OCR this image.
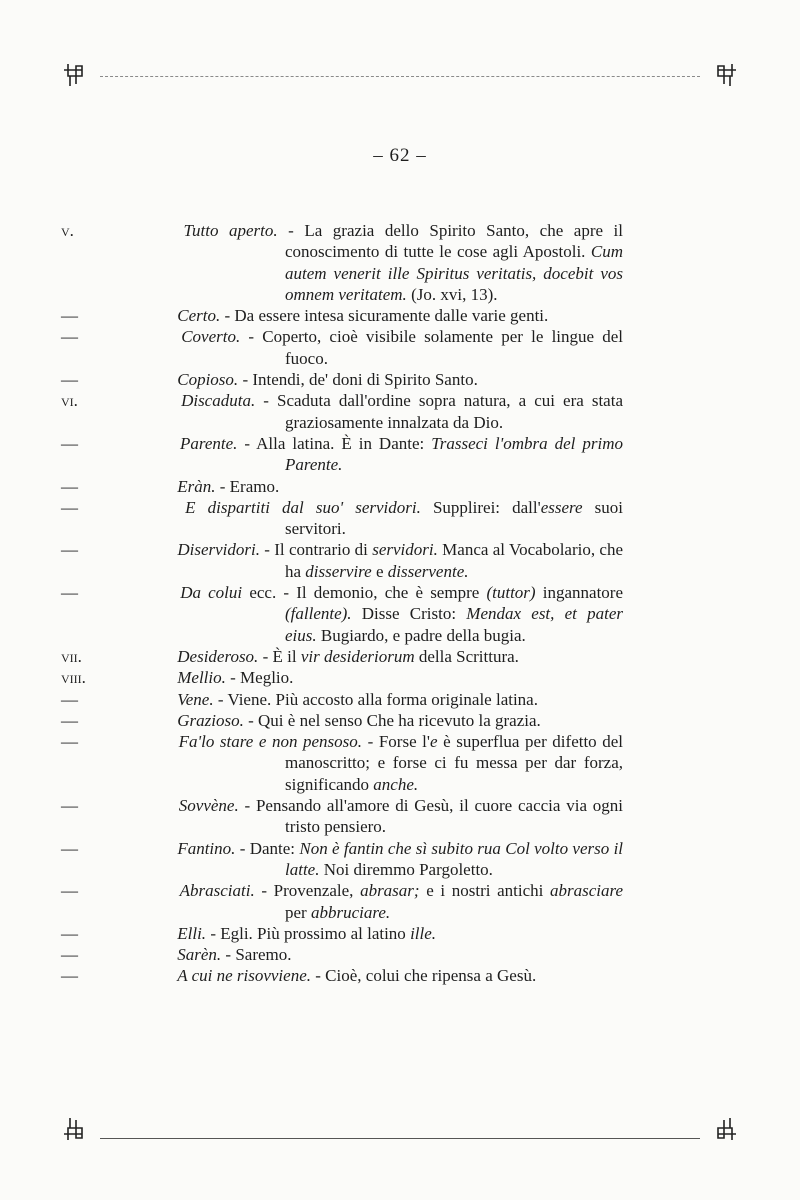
– 62 –
v.	Tutto aperto. - La grazia dello Spirito Santo, che apre il conoscimento di tutte le cose agli Apostoli. Cum autem venerit ille Spiritus veritatis, docebit vos omnem veritatem. (Jo. xvi, 13).
—	Certo. - Da essere intesa sicuramente dalle varie genti.
—	Coverto. - Coperto, cioè visibile solamente per le lingue del fuoco.
—	Copioso. - Intendi, de' doni di Spirito Santo.
vi.	Discaduta. - Scaduta dall'ordine sopra natura, a cui era stata graziosamente innalzata da Dio.
—	Parente. - Alla latina. È in Dante: Trasseci l'ombra del primo Parente.
—	Eràn. - Eramo.
—	E dispartiti dal suo' servidori. Supplirei: dall'essere suoi servitori.
—	Diservidori. - Il contrario di servidori. Manca al Vocabolario, che ha disservire e disservente.
—	Da colui ecc. - Il demonio, che è sempre (tuttor) ingannatore (fallente). Disse Cristo: Mendax est, et pater eius. Bugiardo, e padre della bugia.
vii.	Desideroso. - È il vir desideriorum della Scrittura.
viii.	Mellio. - Meglio.
—	Vene. - Viene. Più accosto alla forma originale latina.
—	Grazioso. - Qui è nel senso Che ha ricevuto la grazia.
—	Fa'lo stare e non pensoso. - Forse l'e è superflua per difetto del manoscritto; e forse ci fu messa per dar forza, significando anche.
—	Sovvène. - Pensando all'amore di Gesù, il cuore caccia via ogni tristo pensiero.
—	Fantino. - Dante: Non è fantin che sì subito rua Col volto verso il latte. Noi diremmo Pargoletto.
—	Abrasciati. - Provenzale, abrasar; e i nostri antichi abrasciare per abbruciare.
—	Elli. - Egli. Più prossimo al latino ille.
—	Sarèn. - Saremo.
—	A cui ne risovviene. - Cioè, colui che ripensa a Gesù.
